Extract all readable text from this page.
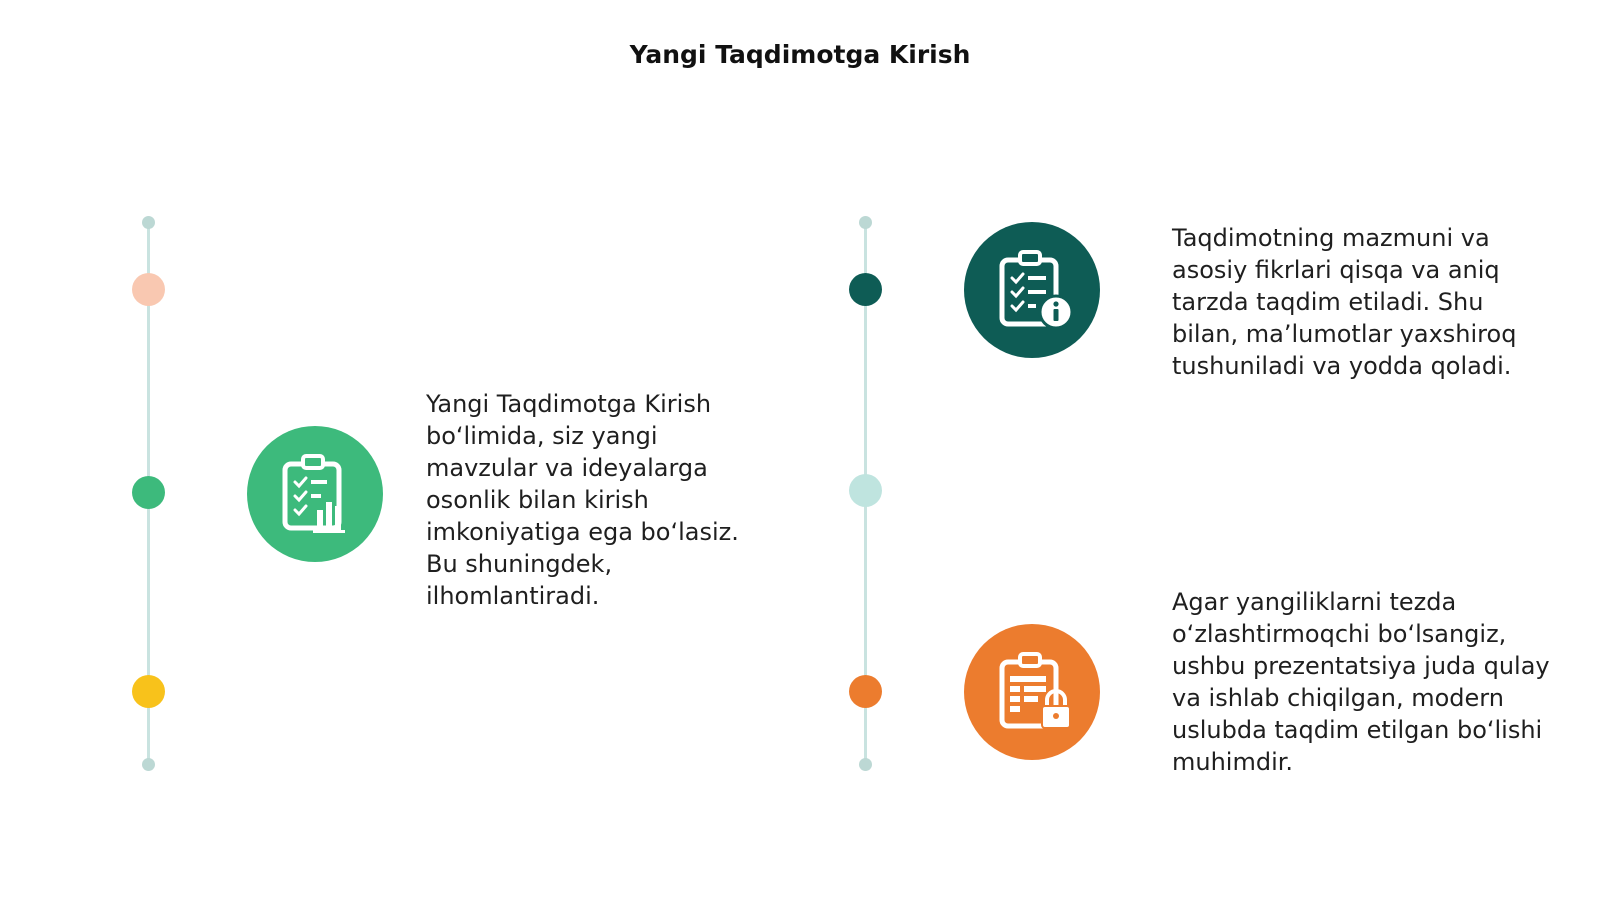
Yangi Taqdimotga Kirish
Yangi Taqdimotga Kirish bo‘limida, siz yangi mavzular va ideyalarga osonlik bilan kirish imkoniyatiga ega bo‘lasiz. Bu shuningdek, ilhomlantiradi.
Taqdimotning mazmuni va asosiy fikrlari qisqa va aniq tarzda taqdim etiladi. Shu bilan, ma’lumotlar yaxshiroq tushuniladi va yodda qoladi.
Agar yangiliklarni tezda o‘zlashtirmoqchi bo‘lsangiz, ushbu prezentatsiya juda qulay va ishlab chiqilgan, modern uslubda taqdim etilgan bo‘lishi muhimdir.
